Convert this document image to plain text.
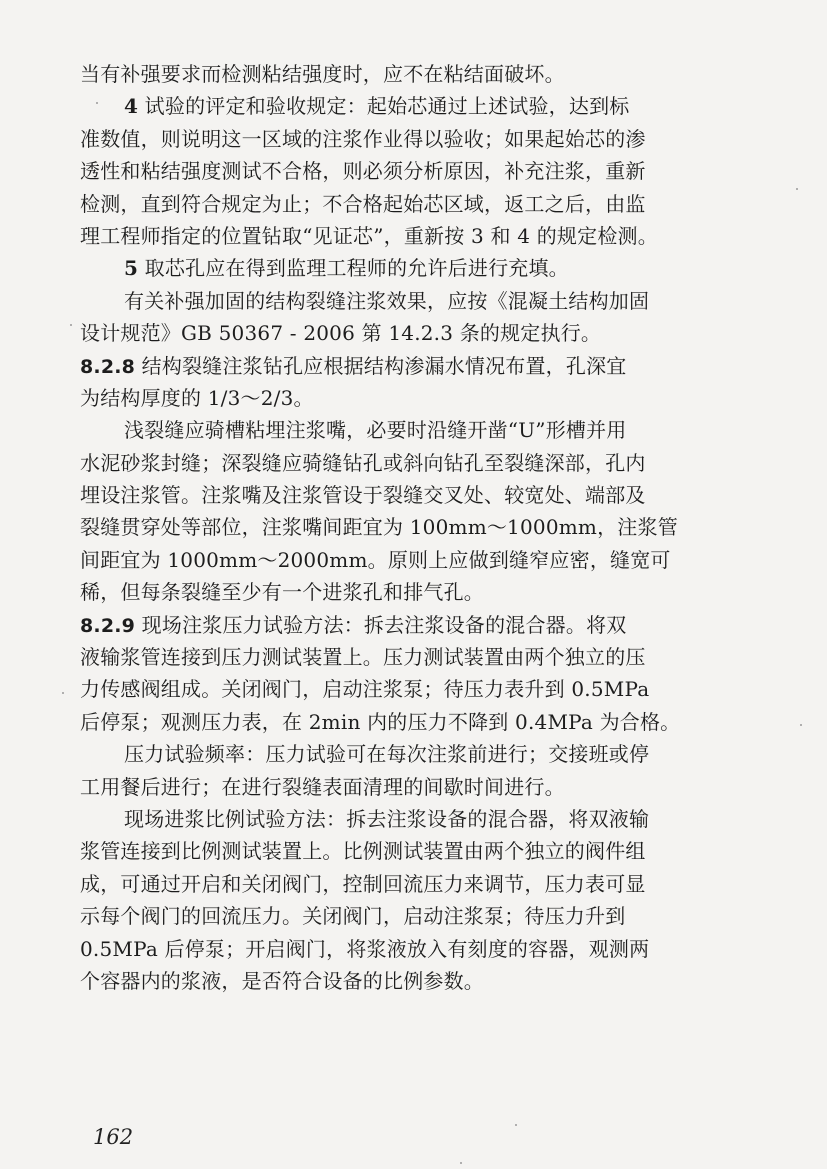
当有补强要求而检测粘结强度时，应不在粘结面破坏。
4 试验的评定和验收规定：起始芯通过上述试验，达到标
准数值，则说明这一区域的注浆作业得以验收；如果起始芯的渗
透性和粘结强度测试不合格，则必须分析原因，补充注浆，重新
检测，直到符合规定为止；不合格起始芯区域，返工之后，由监
理工程师指定的位置钻取“见证芯”，重新按 3 和 4 的规定检测。
5 取芯孔应在得到监理工程师的允许后进行充填。
有关补强加固的结构裂缝注浆效果，应按《混凝土结构加固
设计规范》GB 50367 - 2006 第 14.2.3 条的规定执行。
8.2.8 结构裂缝注浆钻孔应根据结构渗漏水情况布置，孔深宜
为结构厚度的 1/3～2/3。
浅裂缝应骑槽粘埋注浆嘴，必要时沿缝开凿“U”形槽并用
水泥砂浆封缝；深裂缝应骑缝钻孔或斜向钻孔至裂缝深部，孔内
埋设注浆管。注浆嘴及注浆管设于裂缝交叉处、较宽处、端部及
裂缝贯穿处等部位，注浆嘴间距宜为 100mm～1000mm，注浆管
间距宜为 1000mm～2000mm。原则上应做到缝窄应密，缝宽可
稀，但每条裂缝至少有一个进浆孔和排气孔。
8.2.9 现场注浆压力试验方法：拆去注浆设备的混合器。将双
液输浆管连接到压力测试装置上。压力测试装置由两个独立的压
力传感阀组成。关闭阀门，启动注浆泵；待压力表升到 0.5MPa
后停泵；观测压力表，在 2min 内的压力不降到 0.4MPa 为合格。
压力试验频率：压力试验可在每次注浆前进行；交接班或停
工用餐后进行；在进行裂缝表面清理的间歇时间进行。
现场进浆比例试验方法：拆去注浆设备的混合器，将双液输
浆管连接到比例测试装置上。比例测试装置由两个独立的阀件组
成，可通过开启和关闭阀门，控制回流压力来调节，压力表可显
示每个阀门的回流压力。关闭阀门，启动注浆泵；待压力升到
0.5MPa 后停泵；开启阀门，将浆液放入有刻度的容器，观测两
个容器内的浆液，是否符合设备的比例参数。
162
